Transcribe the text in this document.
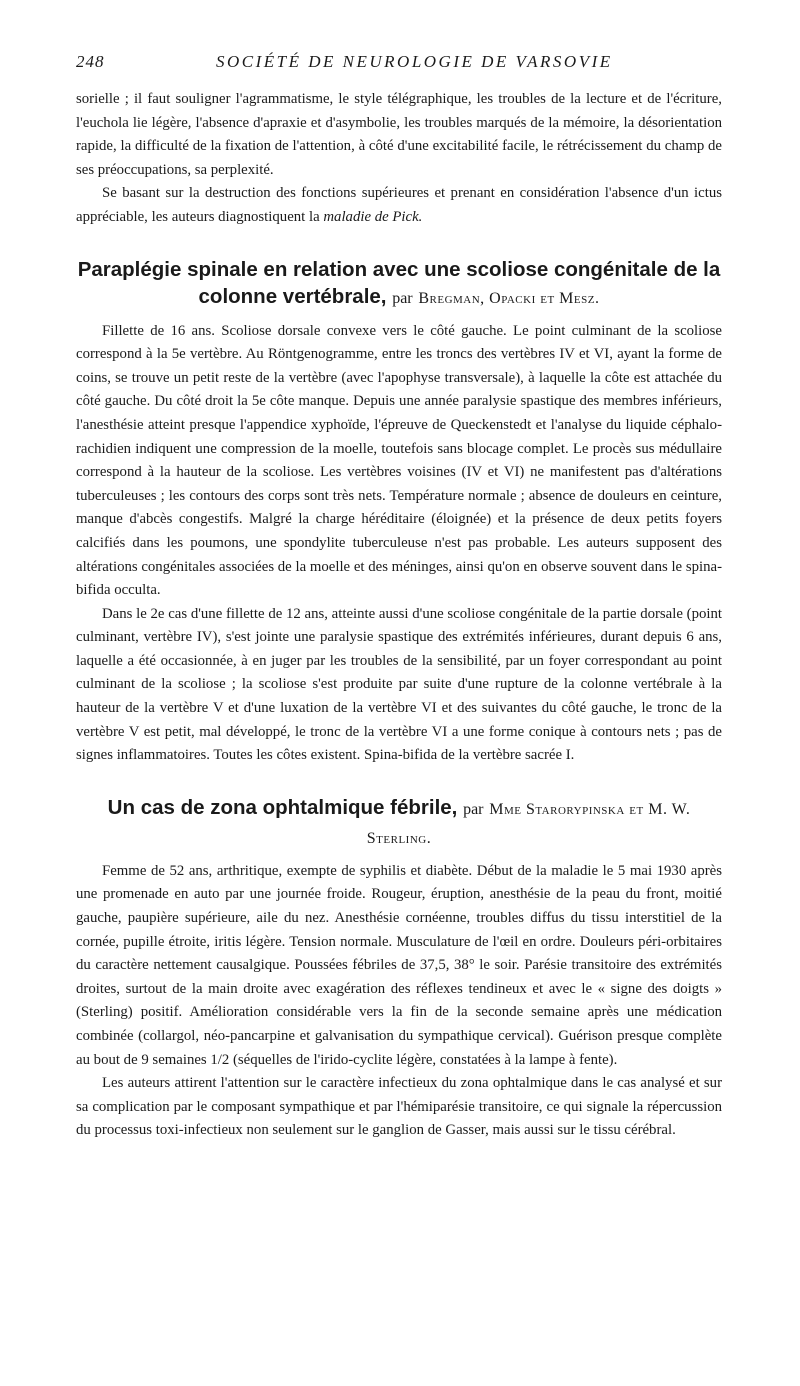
248	SOCIÉTÉ DE NEUROLOGIE DE VARSOVIE

sorielle ; il faut souligner l'agrammatisme, le style télégraphique, les troubles de la lecture et de l'écriture, l'euchola lie légère, l'absence d'apraxie et d'asymbolie, les troubles marqués de la mémoire, la désorientation rapide, la difficulté de la fixation de l'attention, à côté d'une excitabilité facile, le rétrécissement du champ de ses préoccupations, sa perplexité.

Se basant sur la destruction des fonctions supérieures et prenant en considération l'absence d'un ictus appréciable, les auteurs diagnostiquent la maladie de Pick.

Paraplégie spinale en relation avec une scoliose congénitale de la colonne vertébrale, par Bregman, Opacki et Mesz.

Fillette de 16 ans. Scoliose dorsale convexe vers le côté gauche. Le point culminant de la scoliose correspond à la 5e vertèbre. Au Röntgenogramme, entre les troncs des vertèbres IV et VI, ayant la forme de coins, se trouve un petit reste de la vertèbre (avec l'apophyse transversale), à laquelle la côte est attachée du côté gauche. Du côté droit la 5e côte manque. Depuis une année paralysie spastique des membres inférieurs, l'anesthésie atteint presque l'appendice xyphoïde, l'épreuve de Queckenstedt et l'analyse du liquide céphalo-rachidien indiquent une compression de la moelle, toutefois sans blocage complet. Le procès sus médullaire correspond à la hauteur de la scoliose. Les vertèbres voisines (IV et VI) ne manifestent pas d'altérations tuberculeuses ; les contours des corps sont très nets. Température normale ; absence de douleurs en ceinture, manque d'abcès congestifs. Malgré la charge héréditaire (éloignée) et la présence de deux petits foyers calcifiés dans les poumons, une spondylite tuberculeuse n'est pas probable. Les auteurs supposent des altérations congénitales associées de la moelle et des méninges, ainsi qu'on en observe souvent dans le spina-bifida occulta.

Dans le 2e cas d'une fillette de 12 ans, atteinte aussi d'une scoliose congénitale de la partie dorsale (point culminant, vertèbre IV), s'est jointe une paralysie spastique des extrémités inférieures, durant depuis 6 ans, laquelle a été occasionnée, à en juger par les troubles de la sensibilité, par un foyer correspondant au point culminant de la scoliose ; la scoliose s'est produite par suite d'une rupture de la colonne vertébrale à la hauteur de la vertèbre V et d'une luxation de la vertèbre VI et des suivantes du côté gauche, le tronc de la vertèbre V est petit, mal développé, le tronc de la vertèbre VI a une forme conique à contours nets ; pas de signes inflammatoires. Toutes les côtes existent. Spina-bifida de la vertèbre sacrée I.

Un cas de zona ophtalmique fébrile, par Mme Starorypinska et M. W. Sterling.

Femme de 52 ans, arthritique, exempte de syphilis et diabète. Début de la maladie le 5 mai 1930 après une promenade en auto par une journée froide. Rougeur, éruption, anesthésie de la peau du front, moitié gauche, paupière supérieure, aile du nez. Anesthésie cornéenne, troubles diffus du tissu interstitiel de la cornée, pupille étroite, iritis légère. Tension normale. Musculature de l'œil en ordre. Douleurs péri-orbitaires du caractère nettement causalgique. Poussées fébriles de 37,5, 38° le soir. Parésie transitoire des extrémités droites, surtout de la main droite avec exagération des réflexes tendineux et avec le « signe des doigts » (Sterling) positif. Amélioration considérable vers la fin de la seconde semaine après une médication combinée (collargol, néo-pancarpine et galvanisation du sympathique cervical). Guérison presque complète au bout de 9 semaines 1/2 (séquelles de l'irido-cyclite légère, constatées à la lampe à fente).

Les auteurs attirent l'attention sur le caractère infectieux du zona ophtalmique dans le cas analysé et sur sa complication par le composant sympathique et par l'hémiparésie transitoire, ce qui signale la répercussion du processus toxi-infectieux non seulement sur le ganglion de Gasser, mais aussi sur le tissu cérébral.
